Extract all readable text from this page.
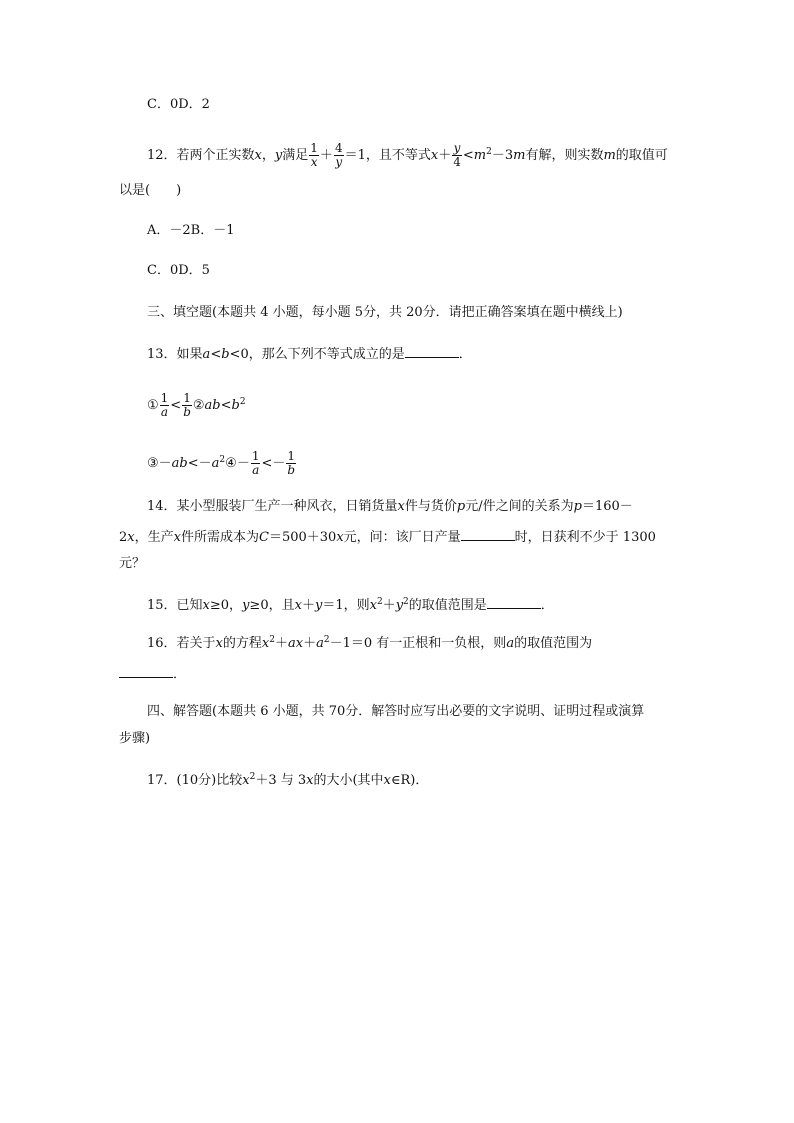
C．0D．2
12．若两个正实数x，y满足 $\frac{1}{x} + \frac{4}{y} =1$，且不等式$x+ \frac{y}{4} <m^2-3m$有解，则实数m的取值可
以是(　　)
A．－2B．－1
C．0D．5
三、填空题(本题共 4 小题，每小题 5分，共 20分．请把正确答案填在题中横线上)
13．如果a<b<0，那么下列不等式成立的是	．
① $\frac{1}{a} < \frac{1}{b}$ $②ab<b^2$
$③-ab<-a^2④- \frac{1}{a} <- \frac{1}{b}$
14．某小型服装厂生产一种风衣，日销货量x件与货价p元/件之间的关系为p＝160－
2x，生产x件所需成本为C＝500＋30x元，问：该厂日产量	时，日获利不少于 1300
元？
15．已知x≥0，y≥0，且x＋y＝1，则$x^2+y^2$的取值范围是	．
16．若关于x的方程$x^2+ax+a^2-1=0$ 有一正根和一负根，则a的取值范围为
．
四、解答题(本题共 6 小题，共 70分．解答时应写出必要的文字说明、证明过程或演算
步骤)
17．(10分)比较$x^2+3$ 与 3x的大小(其中x∈R)．
